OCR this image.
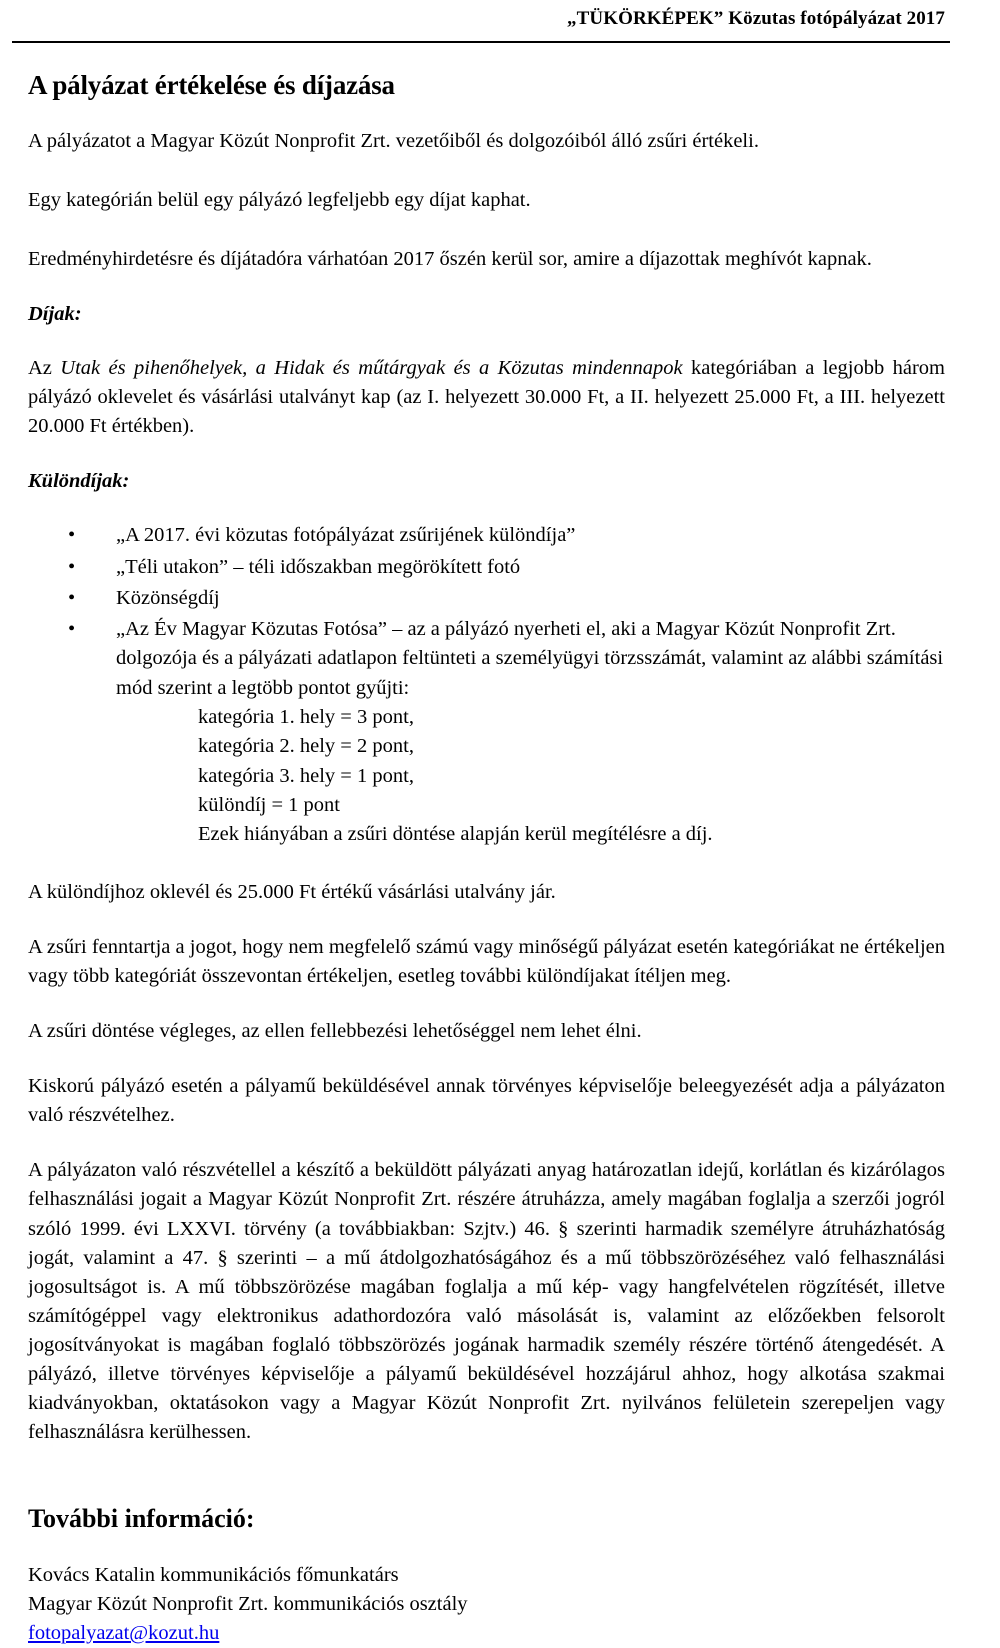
„TÜKÖRKÉPEK” Közutas fotópályázat 2017
A pályázat értékelése és díjazása

A pályázatot a Magyar Közút Nonprofit Zrt. vezetőiből és dolgozóiból álló zsűri értékeli.

Egy kategórián belül egy pályázó legfeljebb egy díjat kaphat.

Eredményhirdetésre és díjátadóra várhatóan 2017 őszén kerül sor, amire a díjazottak meghívót kapnak.

Díjak:

Az Utak és pihenőhelyek, a Hidak és műtárgyak és a Közutas mindennapok kategóriában a legjobb három pályázó oklevelet és vásárlási utalványt kap (az I. helyezett 30.000 Ft, a II. helyezett 25.000 Ft, a III. helyezett 20.000 Ft értékben).

Különdíjak:
• „A 2017. évi közutas fotópályázat zsűrijének különdíja”
• „Téli utakon” – téli időszakban megörökített fotó
• Közönségdíj
• „Az Év Magyar Közutas Fotósa” – az a pályázó nyerheti el, aki a Magyar Közút Nonprofit Zrt. dolgozója és a pályázati adatlapon feltünteti a személyügyi törzsszámát, valamint az alábbi számítási mód szerint a legtöbb pontot gyűjti:
kategória 1. hely = 3 pont,
kategória 2. hely = 2 pont,
kategória 3. hely = 1 pont,
különdíj = 1 pont
Ezek hiányában a zsűri döntése alapján kerül megítélésre a díj.

A különdíjhoz oklevél és 25.000 Ft értékű vásárlási utalvány jár.

A zsűri fenntartja a jogot, hogy nem megfelelő számú vagy minőségű pályázat esetén kategóriákat ne értékeljen vagy több kategóriát összevontan értékeljen, esetleg további különdíjakat ítéljen meg.

A zsűri döntése végleges, az ellen fellebbezési lehetőséggel nem lehet élni.

Kiskorú pályázó esetén a pályamű beküldésével annak törvényes képviselője beleegyezését adja a pályázaton való részvételhez.

A pályázaton való részvétellel a készítő a beküldött pályázati anyag határozatlan idejű, korlátlan és kizárólagos felhasználási jogait a Magyar Közút Nonprofit Zrt. részére átruházza, amely magában foglalja a szerzői jogról szóló 1999. évi LXXVI. törvény (a továbbiakban: Szjtv.) 46. § szerinti harmadik személyre átruházhatóság jogát, valamint a 47. § szerinti – a mű átdolgozhatóságához és a mű többszörözéséhez való felhasználási jogosultságot is. A mű többszörözése magában foglalja a mű kép- vagy hangfelvételen rögzítését, illetve számítógéppel vagy elektronikus adathordozóra való másolását is, valamint az előzőekben felsorolt jogosítványokat is magában foglaló többszörözés jogának harmadik személy részére történő átengedését. A pályázó, illetve törvényes képviselője a pályamű beküldésével hozzájárul ahhoz, hogy alkotása szakmai kiadványokban, oktatásokon vagy a Magyar Közút Nonprofit Zrt. nyilvános felületein szerepeljen vagy felhasználásra kerülhessen.

További információ:
Kovács Katalin kommunikációs főmunkatárs
Magyar Közút Nonprofit Zrt. kommunikációs osztály
fotopalyazat@kozut.hu
